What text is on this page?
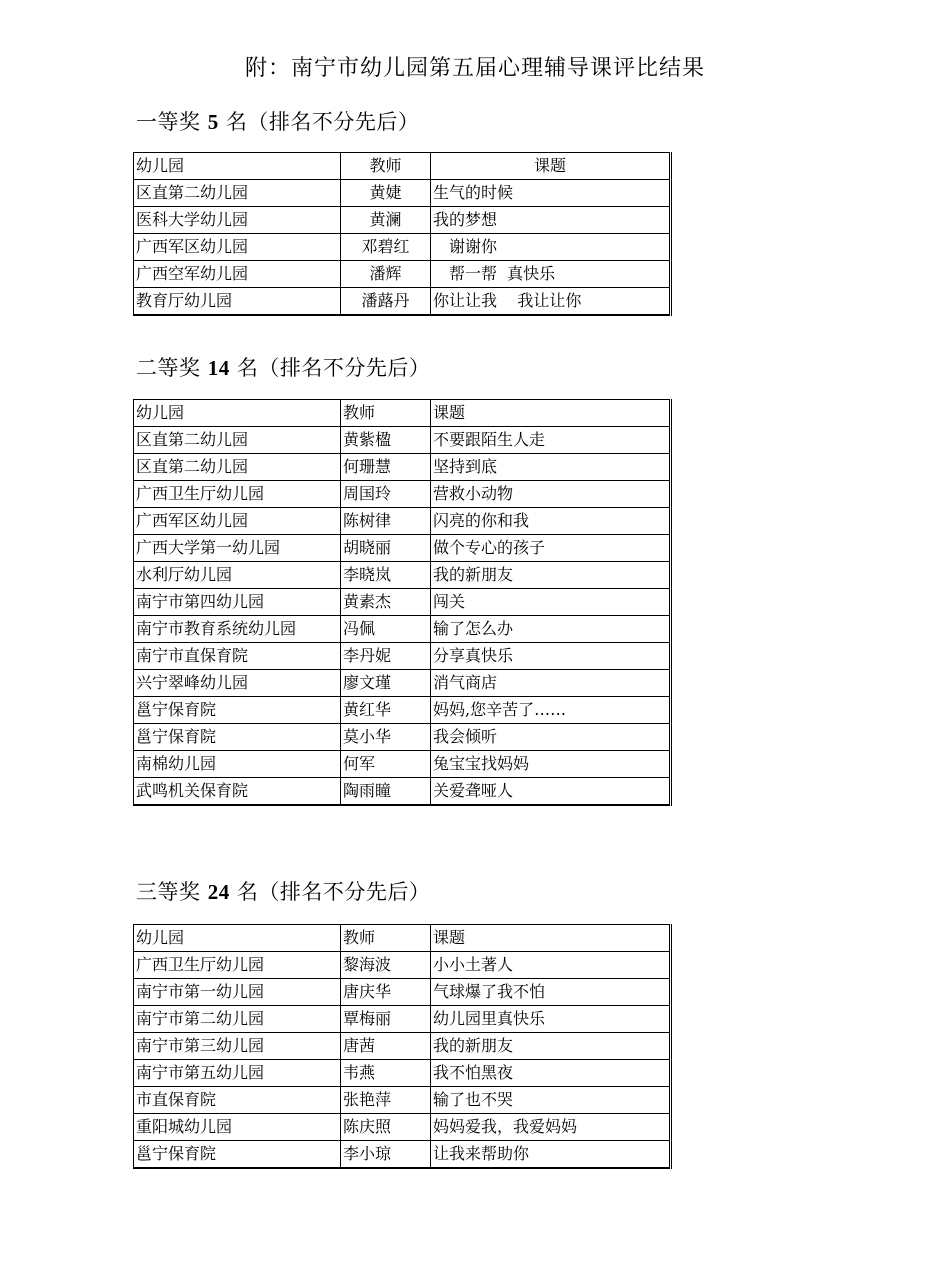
附：南宁市幼儿园第五届心理辅导课评比结果
一等奖 5 名（排名不分先后）
幼儿园	教师	课题
区直第二幼儿园	黄婕	生气的时候
医科大学幼儿园	黄澜	我的梦想
广西军区幼儿园	邓碧红	谢谢你
广西空军幼儿园	潘辉	帮一帮  真快乐
教育厅幼儿园	潘蕗丹	你让让我    我让让你
二等奖 14 名（排名不分先后）
幼儿园	教师	课题
区直第二幼儿园	黄紫楹	不要跟陌生人走
区直第二幼儿园	何珊慧	坚持到底
广西卫生厅幼儿园	周国玲	营救小动物
广西军区幼儿园	陈树律	闪亮的你和我
广西大学第一幼儿园	胡晓丽	做个专心的孩子
水利厅幼儿园	李晓岚	我的新朋友
南宁市第四幼儿园	黄素杰	闯关
南宁市教育系统幼儿园	冯佩	输了怎么办
南宁市直保育院	李丹妮	分享真快乐
兴宁翠峰幼儿园	廖文瑾	消气商店
邕宁保育院	黄红华	妈妈,您辛苦了……
邕宁保育院	莫小华	我会倾听
南棉幼儿园	何军	兔宝宝找妈妈
武鸣机关保育院	陶雨瞳	关爱聋哑人
三等奖 24 名（排名不分先后）
幼儿园	教师	课题
广西卫生厅幼儿园	黎海波	小小土著人
南宁市第一幼儿园	唐庆华	气球爆了我不怕
南宁市第二幼儿园	覃梅丽	幼儿园里真快乐
南宁市第三幼儿园	唐茜	我的新朋友
南宁市第五幼儿园	韦燕	我不怕黑夜
市直保育院	张艳萍	输了也不哭
重阳城幼儿园	陈庆照	妈妈爱我，我爱妈妈
邕宁保育院	李小琼	让我来帮助你
